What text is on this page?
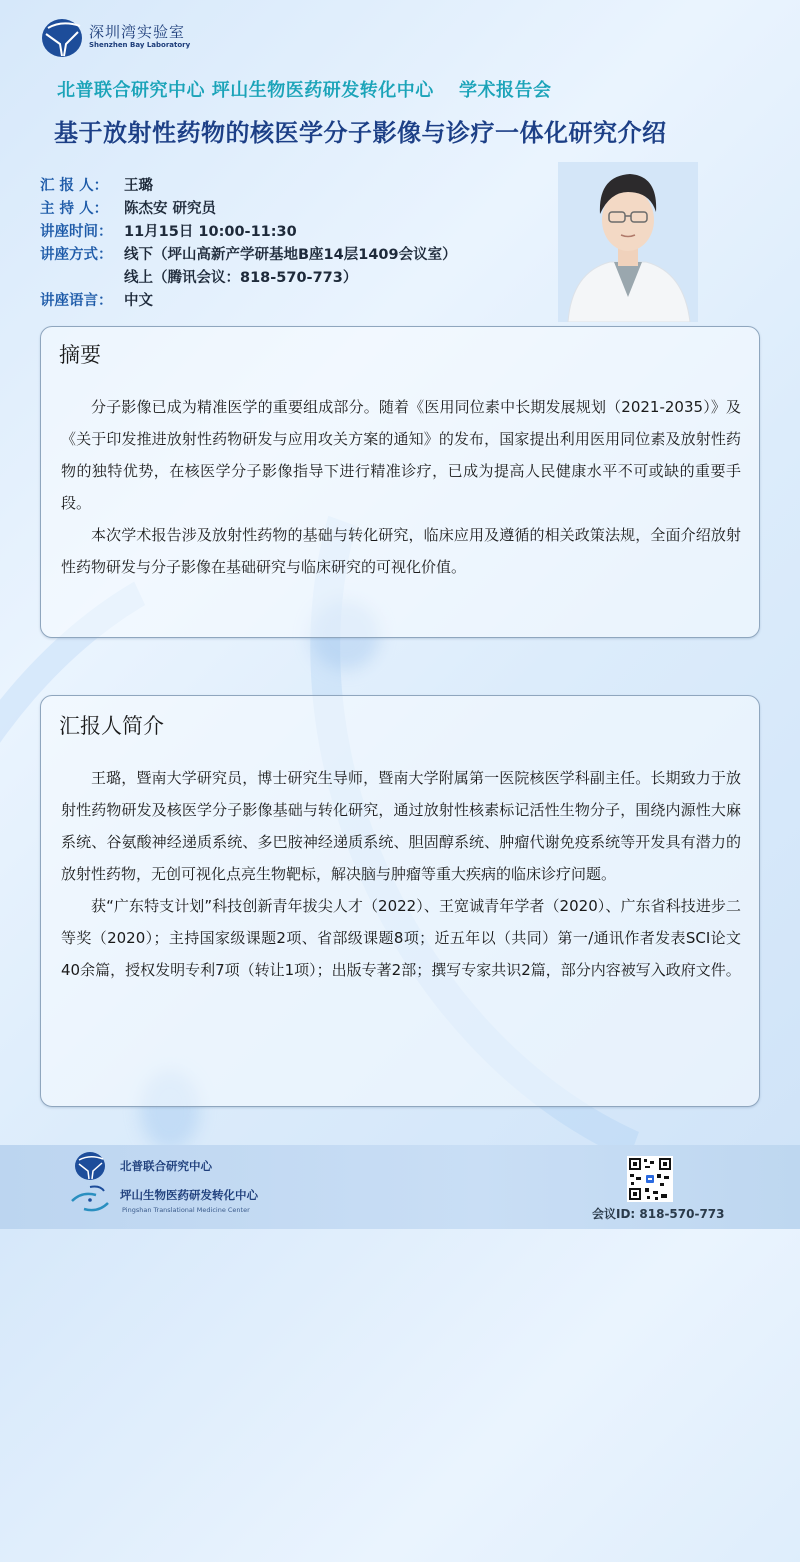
深圳湾实验室
Shenzhen Bay Laboratory
北普联合研究中心 坪山生物医药研发转化中心　 学术报告会
基于放射性药物的核医学分子影像与诊疗一体化研究介绍
汇 报 人：	王璐
主 持 人：	陈杰安 研究员
讲座时间： 11月15日 10:00-11:30
讲座方式： 线下（坪山高新产学研基地B座14层1409会议室）
线上（腾讯会议：818-570-773）
讲座语言： 中文
摘要

分子影像已成为精准医学的重要组成部分。随着《医用同位素中长期发展规划（2021-2035）》及《关于印发推进放射性药物研发与应用攻关方案的通知》的发布，国家提出利用医用同位素及放射性药物的独特优势，在核医学分子影像指导下进行精准诊疗，已成为提高人民健康水平不可或缺的重要手段。

本次学术报告涉及放射性药物的基础与转化研究，临床应用及遵循的相关政策法规，全面介绍放射性药物研发与分子影像在基础研究与临床研究的可视化价值。

汇报人简介

王璐，暨南大学研究员，博士研究生导师，暨南大学附属第一医院核医学科副主任。长期致力于放射性药物研发及核医学分子影像基础与转化研究，通过放射性核素标记活性生物分子，围绕内源性大麻系统、谷氨酸神经递质系统、多巴胺神经递质系统、胆固醇系统、肿瘤代谢免疫系统等开发具有潜力的放射性药物，无创可视化点亮生物靶标，解决脑与肿瘤等重大疾病的临床诊疗问题。

获“广东特支计划”科技创新青年拔尖人才（2022）、王宽诚青年学者（2020）、广东省科技进步二等奖（2020）；主持国家级课题2项、省部级课题8项；近五年以（共同）第一/通讯作者发表SCI论文40余篇，授权发明专利7项（转让1项）；出版专著2部；撰写专家共识2篇，部分内容被写入政府文件。

北普联合研究中心
坪山生物医药研发转化中心
Pingshan Translational Medicine Center	会议ID: 818-570-773
